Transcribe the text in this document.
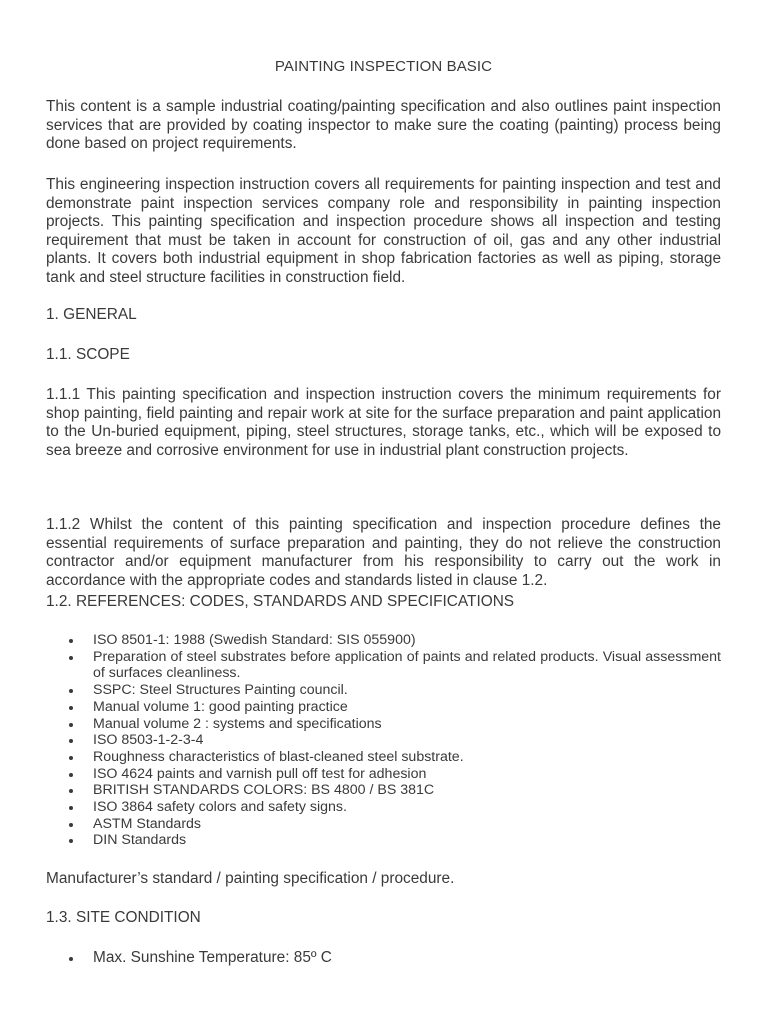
PAINTING INSPECTION BASIC

This content is a sample industrial coating/painting specification and also outlines paint inspection services that are provided by coating inspector to make sure the coating (painting) process being done based on project requirements.

This engineering inspection instruction covers all requirements for painting inspection and test and demonstrate paint inspection services company role and responsibility in painting inspection projects. This painting specification and inspection procedure shows all inspection and testing requirement that must be taken in account for construction of oil, gas and any other industrial plants. It covers both industrial equipment in shop fabrication factories as well as piping, storage tank and steel structure facilities in construction field.

1. GENERAL

1.1. SCOPE

1.1.1 This painting specification and inspection instruction covers the minimum requirements for shop painting, field painting and repair work at site for the surface preparation and paint application to the Un-buried equipment, piping, steel structures, storage tanks, etc., which will be exposed to sea breeze and corrosive environment for use in industrial plant construction projects.

1.1.2 Whilst the content of this painting specification and inspection procedure defines the essential requirements of surface preparation and painting, they do not relieve the construction contractor and/or equipment manufacturer from his responsibility to carry out the work in accordance with the appropriate codes and standards listed in clause 1.2.

1.2. REFERENCES: CODES, STANDARDS AND SPECIFICATIONS

ISO 8501-1: 1988 (Swedish Standard: SIS 055900)
Preparation of steel substrates before application of paints and related products. Visual assessment of surfaces cleanliness.
SSPC: Steel Structures Painting council.
Manual volume 1: good painting practice
Manual volume 2 : systems and specifications
ISO 8503-1-2-3-4
Roughness characteristics of blast-cleaned steel substrate.
ISO 4624 paints and varnish pull off test for adhesion
BRITISH STANDARDS COLORS: BS 4800 / BS 381C
ISO 3864 safety colors and safety signs.
ASTM Standards
DIN Standards

Manufacturer’s standard / painting specification / procedure.

1.3. SITE CONDITION

Max. Sunshine Temperature: 85º C
